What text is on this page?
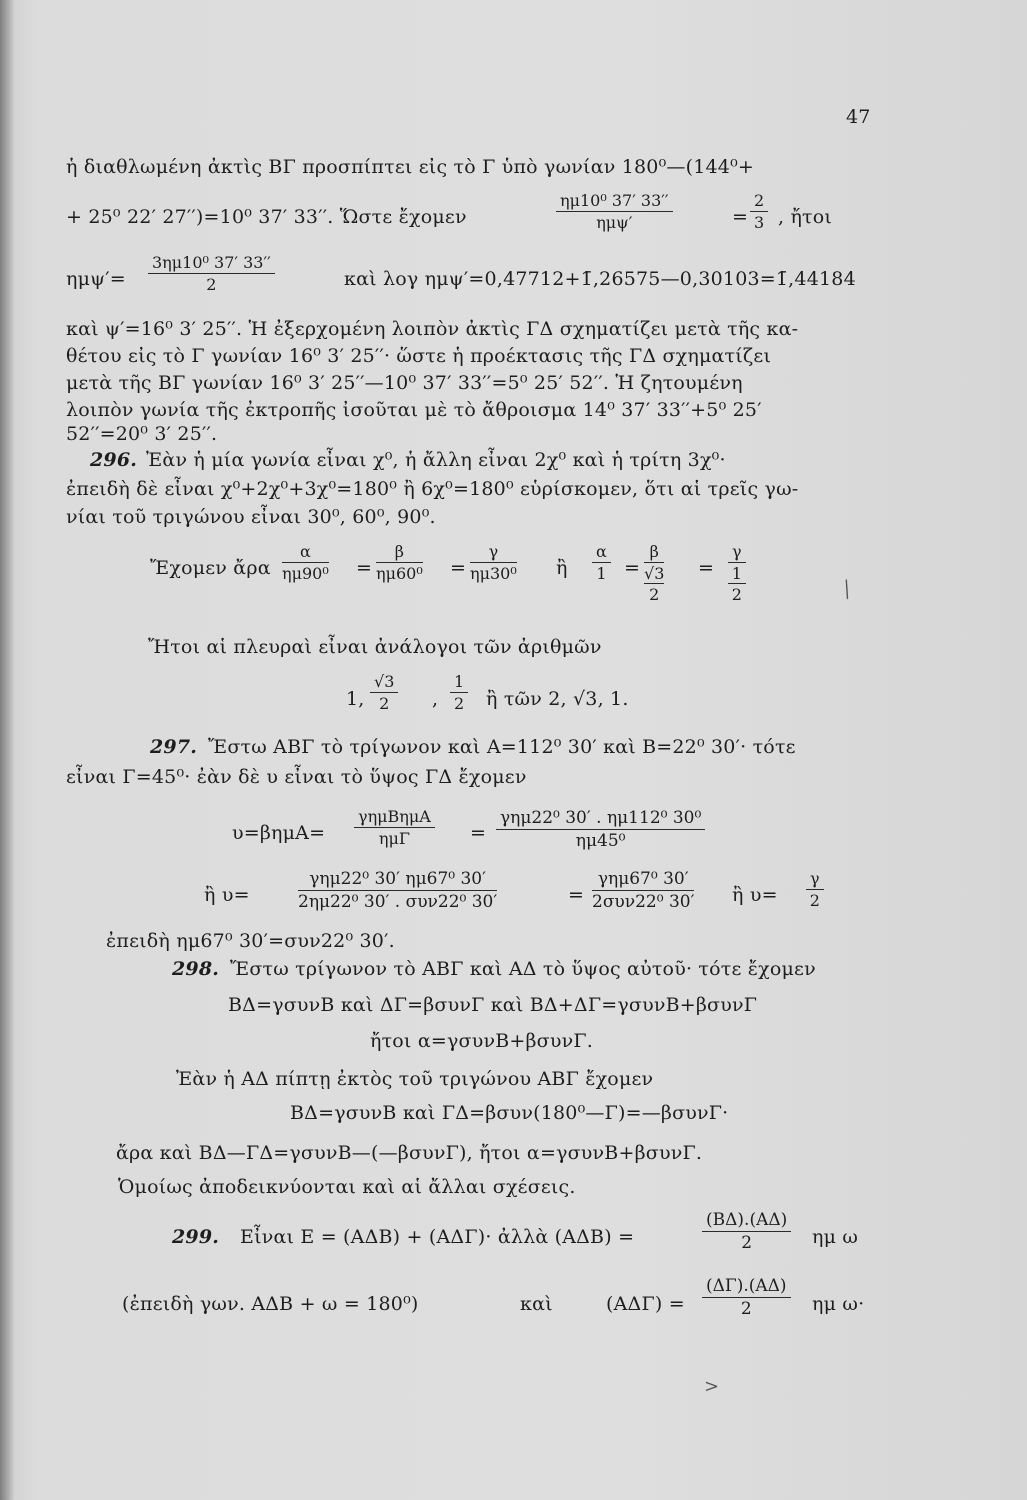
47
ἡ διαθλωμένη ἀκτὶς ΒΓ προσπίπτει εἰς τὸ Γ ὑπὸ γωνίαν 180⁰—(144⁰+
+ 25⁰ 22′ 27′′)=10⁰ 37′ 33′′. Ὥστε ἔχομεν
ημ10⁰ 37′ 33′′
ημψ′	= $\frac{2}{3}$ , ἤτοι
$\eta\mu\psi'= \frac{\text{3ημ10⁰ 37′ 33′′}}{2}$	καὶ λογ ημψ′=0,47712+1̄,26575—0,30103=1̄,44184
καὶ ψ′=16⁰ 3′ 25′′. Ἡ ἐξερχομένη λοιπὸν ἀκτὶς ΓΔ σχηματίζει μετὰ τῆς κα-
θέτου εἰς τὸ Γ γωνίαν 16⁰ 3′ 25′′· ὥστε ἡ προέκτασις τῆς ΓΔ σχηματίζει
μετὰ τῆς ΒΓ γωνίαν 16⁰ 3′ 25′′—10⁰ 37′ 33′′=5⁰ 25′ 52′′. Ἡ ζητουμένη
λοιπὸν γωνία τῆς ἐκτροπῆς ἰσοῦται μὲ τὸ ἄθροισμα 14⁰ 37′ 33′′+5⁰ 25′
52′′=20⁰ 3′ 25′′.
296. Ἐὰν ἡ μία γωνία εἶναι χ⁰, ἡ ἄλλη εἶναι 2χ⁰ καὶ ἡ τρίτη 3χ⁰·
ἐπειδὴ δὲ εἶναι χ⁰+2χ⁰+3χ⁰=180⁰ ἢ 6χ⁰=180⁰ εὑρίσκομεν, ὅτι αἱ τρεῖς γω-
νίαι τοῦ τριγώνου εἶναι 30⁰, 60⁰, 90⁰.
Ἔχομεν ἄρα $\frac{\alpha}{\text{ημ90⁰}} = \frac{\beta}{\text{ημ60⁰}} = \frac{\gamma}{\text{ημ30⁰}}$ ἢ $\frac{\alpha}{1}$ =
β
√3
2
=
γ
1
2
Ἤτοι αἱ πλευραὶ εἶναι ἀνάλογοι τῶν ἀριθμῶν
1, $\frac{√3}{2}$ , $\frac{1}{2}$ ἢ τῶν 2, √3, 1.
297. Ἔστω ΑΒΓ τὸ τρίγωνον καὶ Α=112⁰ 30′ καὶ Β=22⁰ 30′· τότε
εἶναι Γ=45⁰· ἐὰν δὲ υ εἶναι τὸ ὕψος ΓΔ ἔχομεν
υ=βημΑ=
γημΒημΑ
ημΓ	=
γημ22⁰ 30′ . ημ112⁰ 30⁰
ημ45⁰
ἢ υ=
γημ22⁰ 30′ ημ67⁰ 30′
2ημ22⁰ 30′ . συν22⁰ 30′	=
γημ67⁰ 30′
2συν22⁰ 30′ ἢ $\upsilon= \frac{\gamma}{2}$
ἐπειδὴ ημ67⁰ 30′=συν22⁰ 30′.
298. Ἔστω τρίγωνον τὸ ΑΒΓ καὶ ΑΔ τὸ ὕψος αὐτοῦ· τότε ἔχομεν
ΒΔ=γσυνΒ καὶ ΔΓ=βσυνΓ καὶ ΒΔ+ΔΓ=γσυνΒ+βσυνΓ
ἤτοι α=γσυνΒ+βσυνΓ.
Ἐὰν ἡ ΑΔ πίπτῃ ἐκτὸς τοῦ τριγώνου ΑΒΓ ἔχομεν
ΒΔ=γσυνΒ καὶ ΓΔ=βσυν(180⁰—Γ)=—βσυνΓ·
ἄρα καὶ ΒΔ—ΓΔ=γσυνΒ—(—βσυνΓ), ἤτοι α=γσυνΒ+βσυνΓ.
Ὁμοίως ἀποδεικνύονται καὶ αἱ ἄλλαι σχέσεις.
299. Εἶναι Ε = (ΑΔΒ) + (ΑΔΓ)· ἀλλὰ (ΑΔΒ) =	$\frac{(B\Delta).(A\Delta)}{2}$ ημ ω
(ἐπειδὴ γων. ΑΔΒ + ω = 180⁰)	καὶ	$(A\Delta\Gamma) = \frac{(\Delta\Gamma).(A\Delta)}{2}$ ημ ω·
⁄
>
